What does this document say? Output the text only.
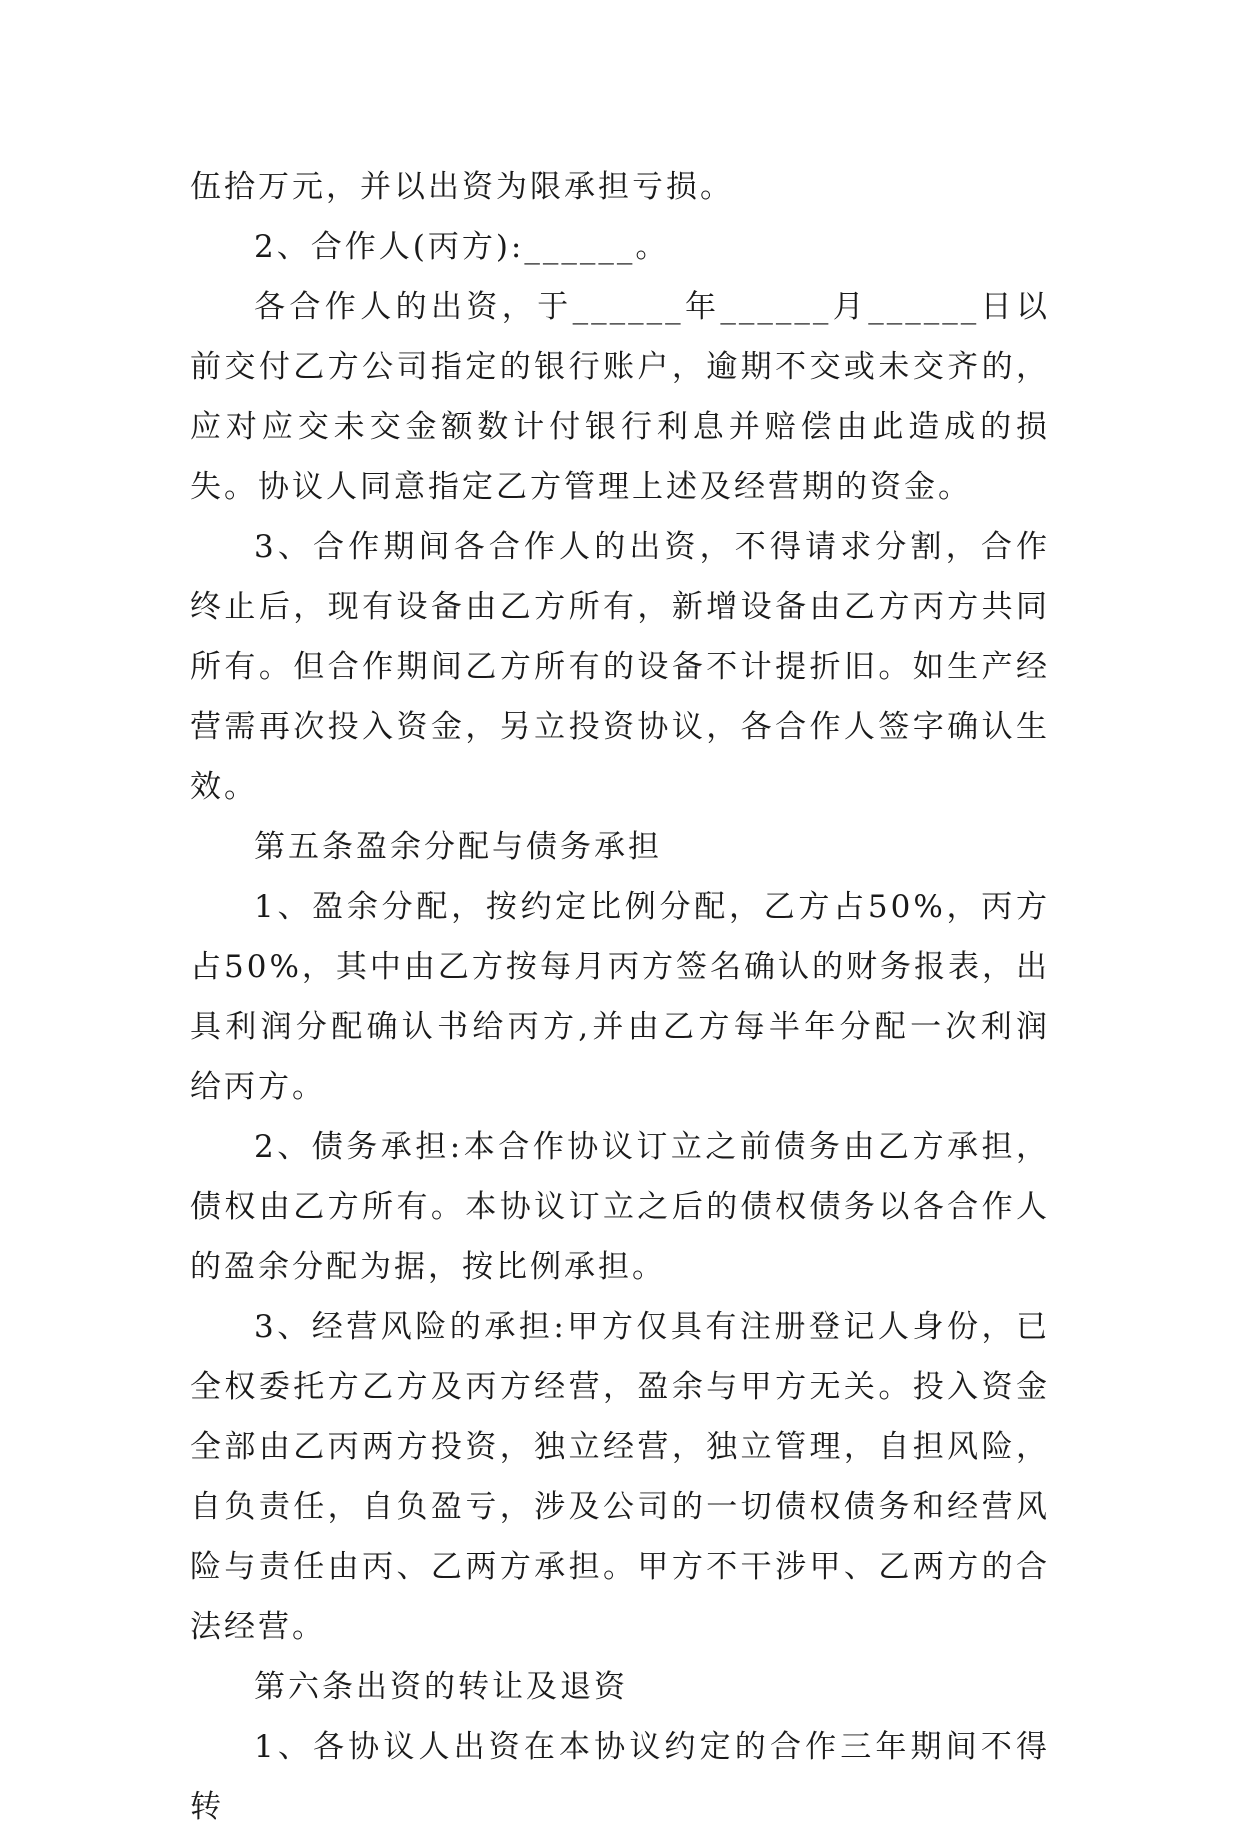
伍拾万元，并以出资为限承担亏损。

2、合作人(丙方):______。

各合作人的出资，于______年______月______日以前交付乙方公司指定的银行账户，逾期不交或未交齐的，应对应交未交金额数计付银行利息并赔偿由此造成的损失。协议人同意指定乙方管理上述及经营期的资金。

3、合作期间各合作人的出资，不得请求分割，合作终止后，现有设备由乙方所有，新增设备由乙方丙方共同所有。但合作期间乙方所有的设备不计提折旧。如生产经营需再次投入资金，另立投资协议，各合作人签字确认生效。

第五条盈余分配与债务承担

1、盈余分配，按约定比例分配，乙方占50%，丙方占50%，其中由乙方按每月丙方签名确认的财务报表，出具利润分配确认书给丙方,并由乙方每半年分配一次利润给丙方。

2、债务承担:本合作协议订立之前债务由乙方承担，债权由乙方所有。本协议订立之后的债权债务以各合作人的盈余分配为据，按比例承担。

3、经营风险的承担:甲方仅具有注册登记人身份，已全权委托方乙方及丙方经营，盈余与甲方无关。投入资金全部由乙丙两方投资，独立经营，独立管理，自担风险，自负责任，自负盈亏，涉及公司的一切债权债务和经营风险与责任由丙、乙两方承担。甲方不干涉甲、乙两方的合法经营。

第六条出资的转让及退资

1、各协议人出资在本协议约定的合作三年期间不得转
